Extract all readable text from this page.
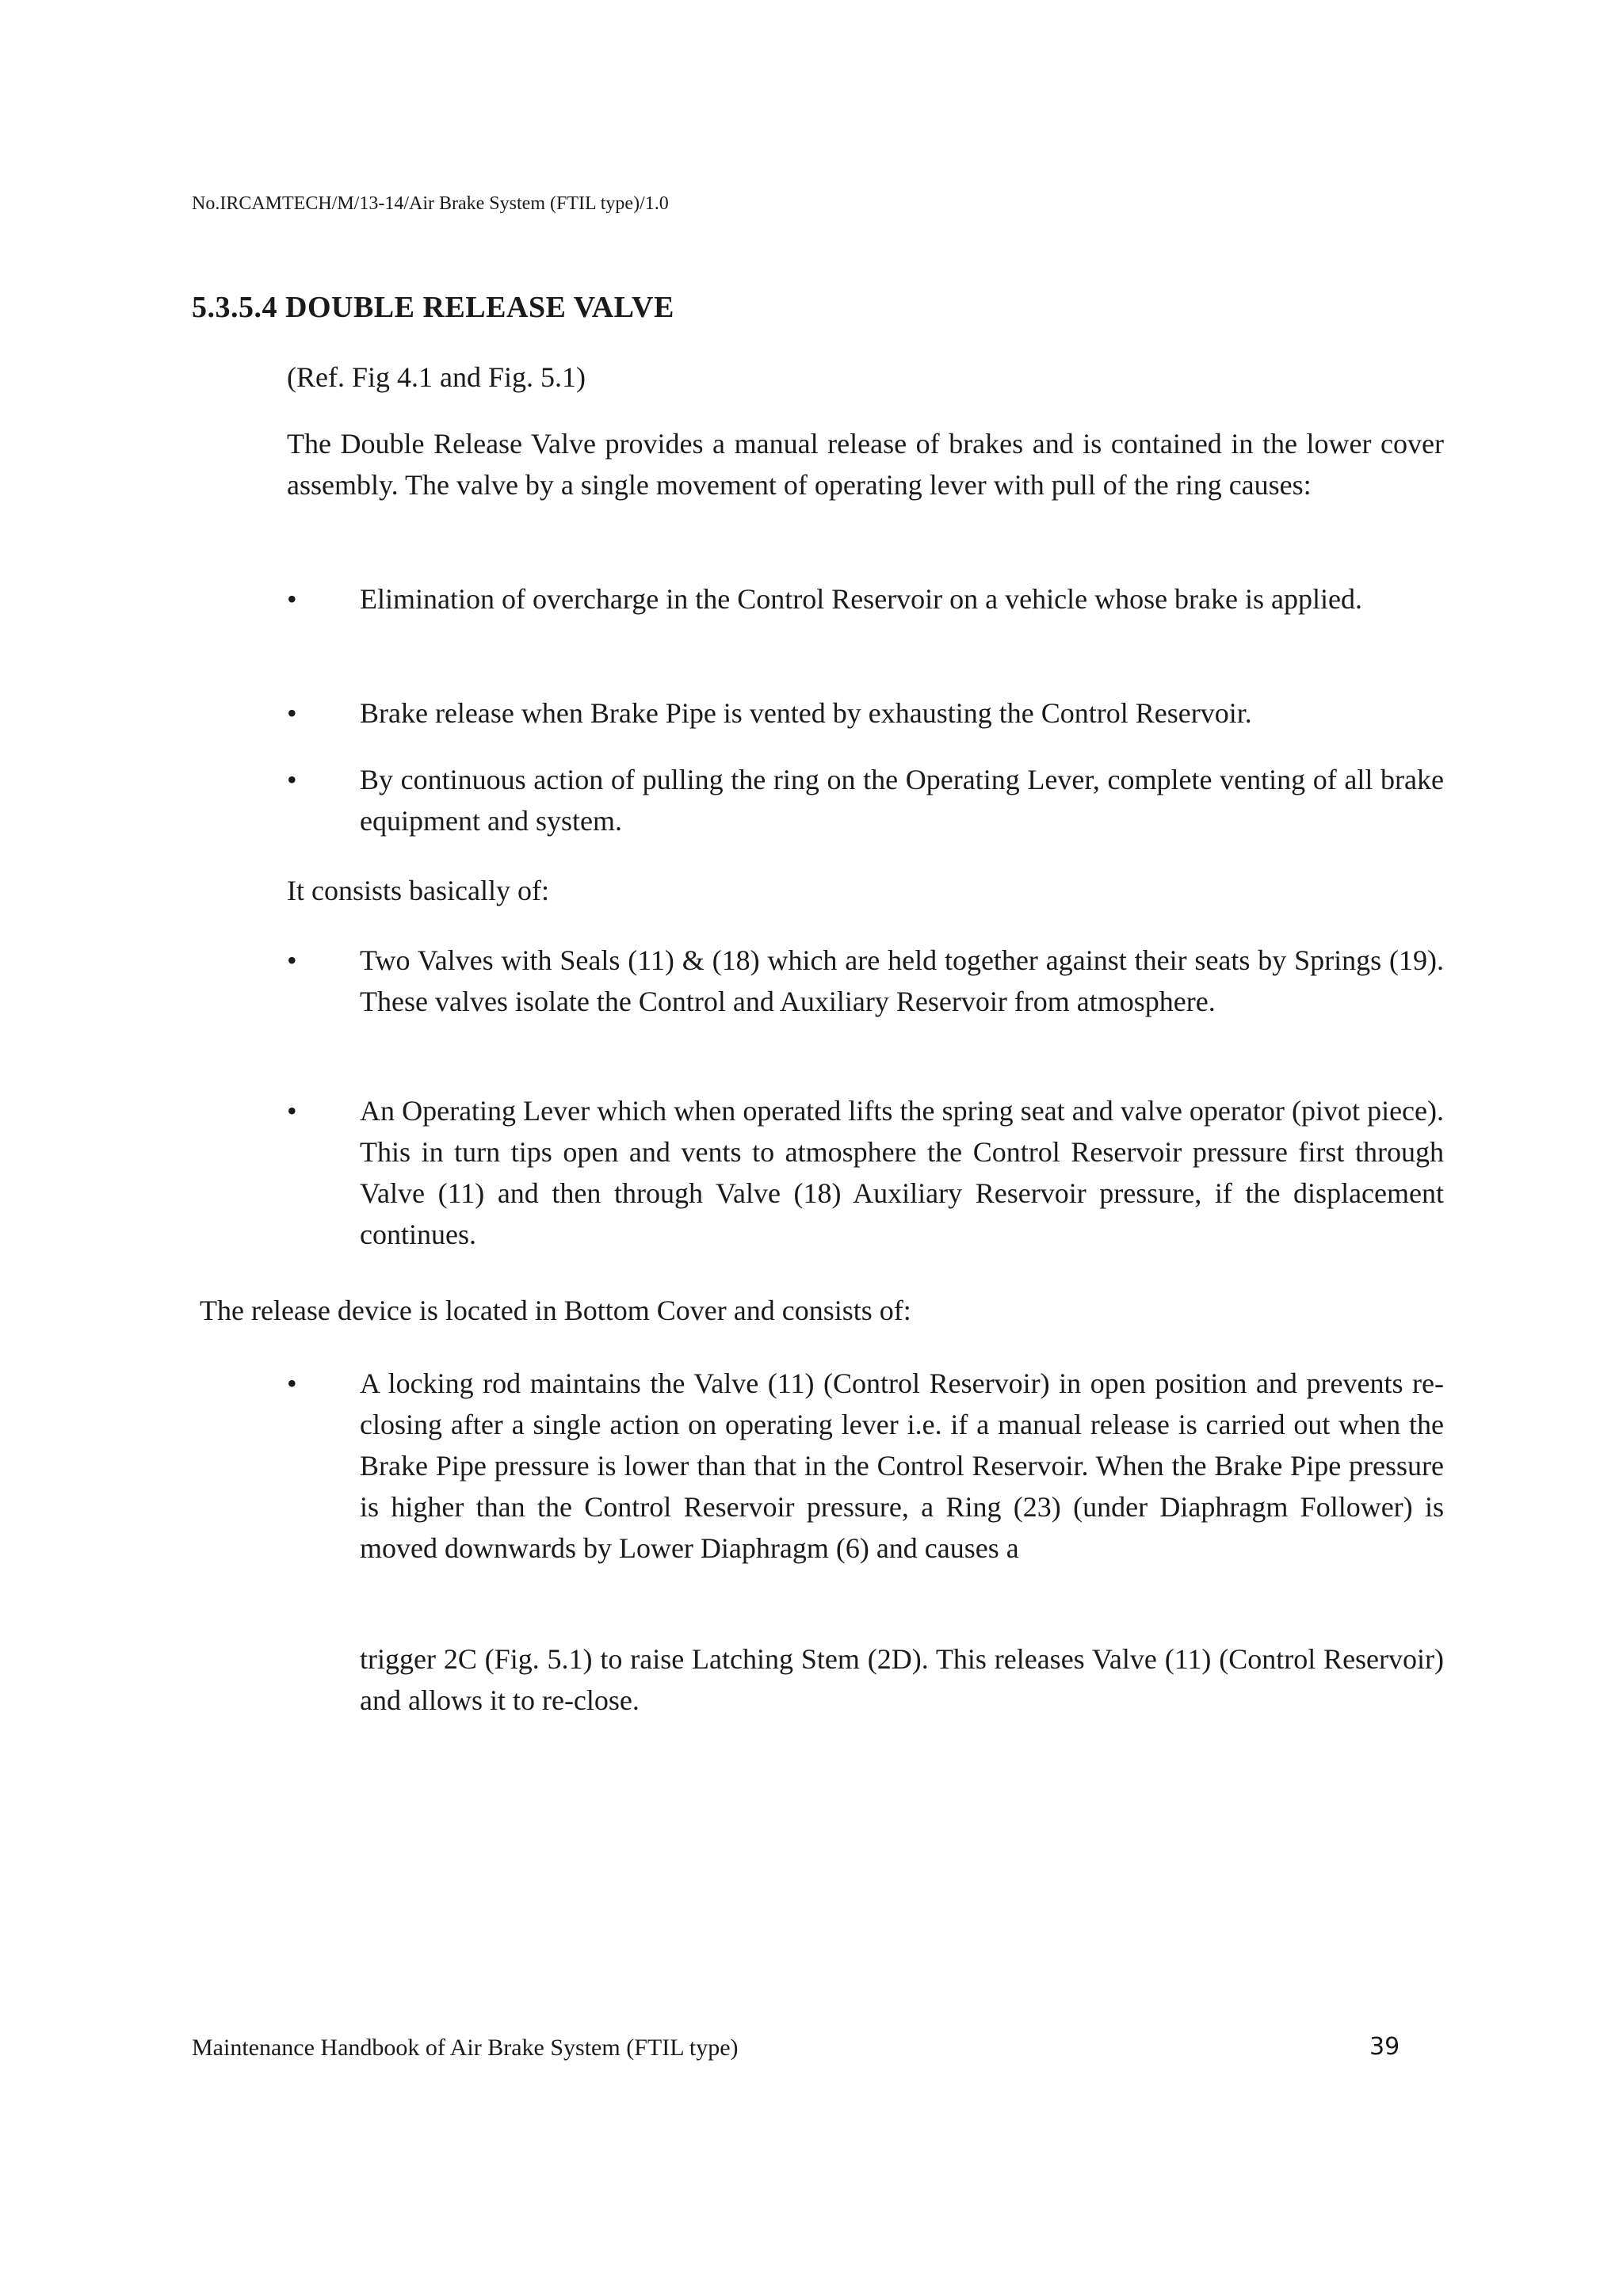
No.IRCAMTECH/M/13-14/Air Brake System (FTIL type)/1.0
5.3.5.4 DOUBLE RELEASE VALVE
(Ref. Fig 4.1 and Fig. 5.1)
The Double Release Valve provides a manual release of brakes and is contained in the lower cover assembly. The valve by a single movement of operating lever with pull of the ring causes:
•	Elimination of overcharge in the Control Reservoir on a vehicle whose brake is applied.
•	Brake release when Brake Pipe is vented by exhausting the Control Reservoir.
•	By continuous action of pulling the ring on the Operating Lever, complete venting of all brake equipment and system.
It consists basically of:
•	Two Valves with Seals (11) & (18) which are held together against their seats by Springs (19). These valves isolate the Control and Auxiliary Reservoir from atmosphere.
•	An Operating Lever which when operated lifts the spring seat and valve operator (pivot piece). This in turn tips open and vents to atmosphere the Control Reservoir pressure first through Valve (11) and then through Valve (18) Auxiliary Reservoir pressure, if the displacement continues.
The release device is located in Bottom Cover and consists of:
•	A locking rod maintains the Valve (11) (Control Reservoir) in open position and prevents re-closing after a single action on operating lever i.e. if a manual release is carried out when the Brake Pipe pressure is lower than that in the Control Reservoir. When the Brake Pipe pressure is higher than the Control Reservoir pressure, a Ring (23) (under Diaphragm Follower) is moved downwards by Lower Diaphragm (6) and causes a
trigger 2C (Fig. 5.1) to raise Latching Stem (2D). This releases Valve (11) (Control Reservoir) and allows it to re-close.
Maintenance Handbook of Air Brake System (FTIL type)	39
